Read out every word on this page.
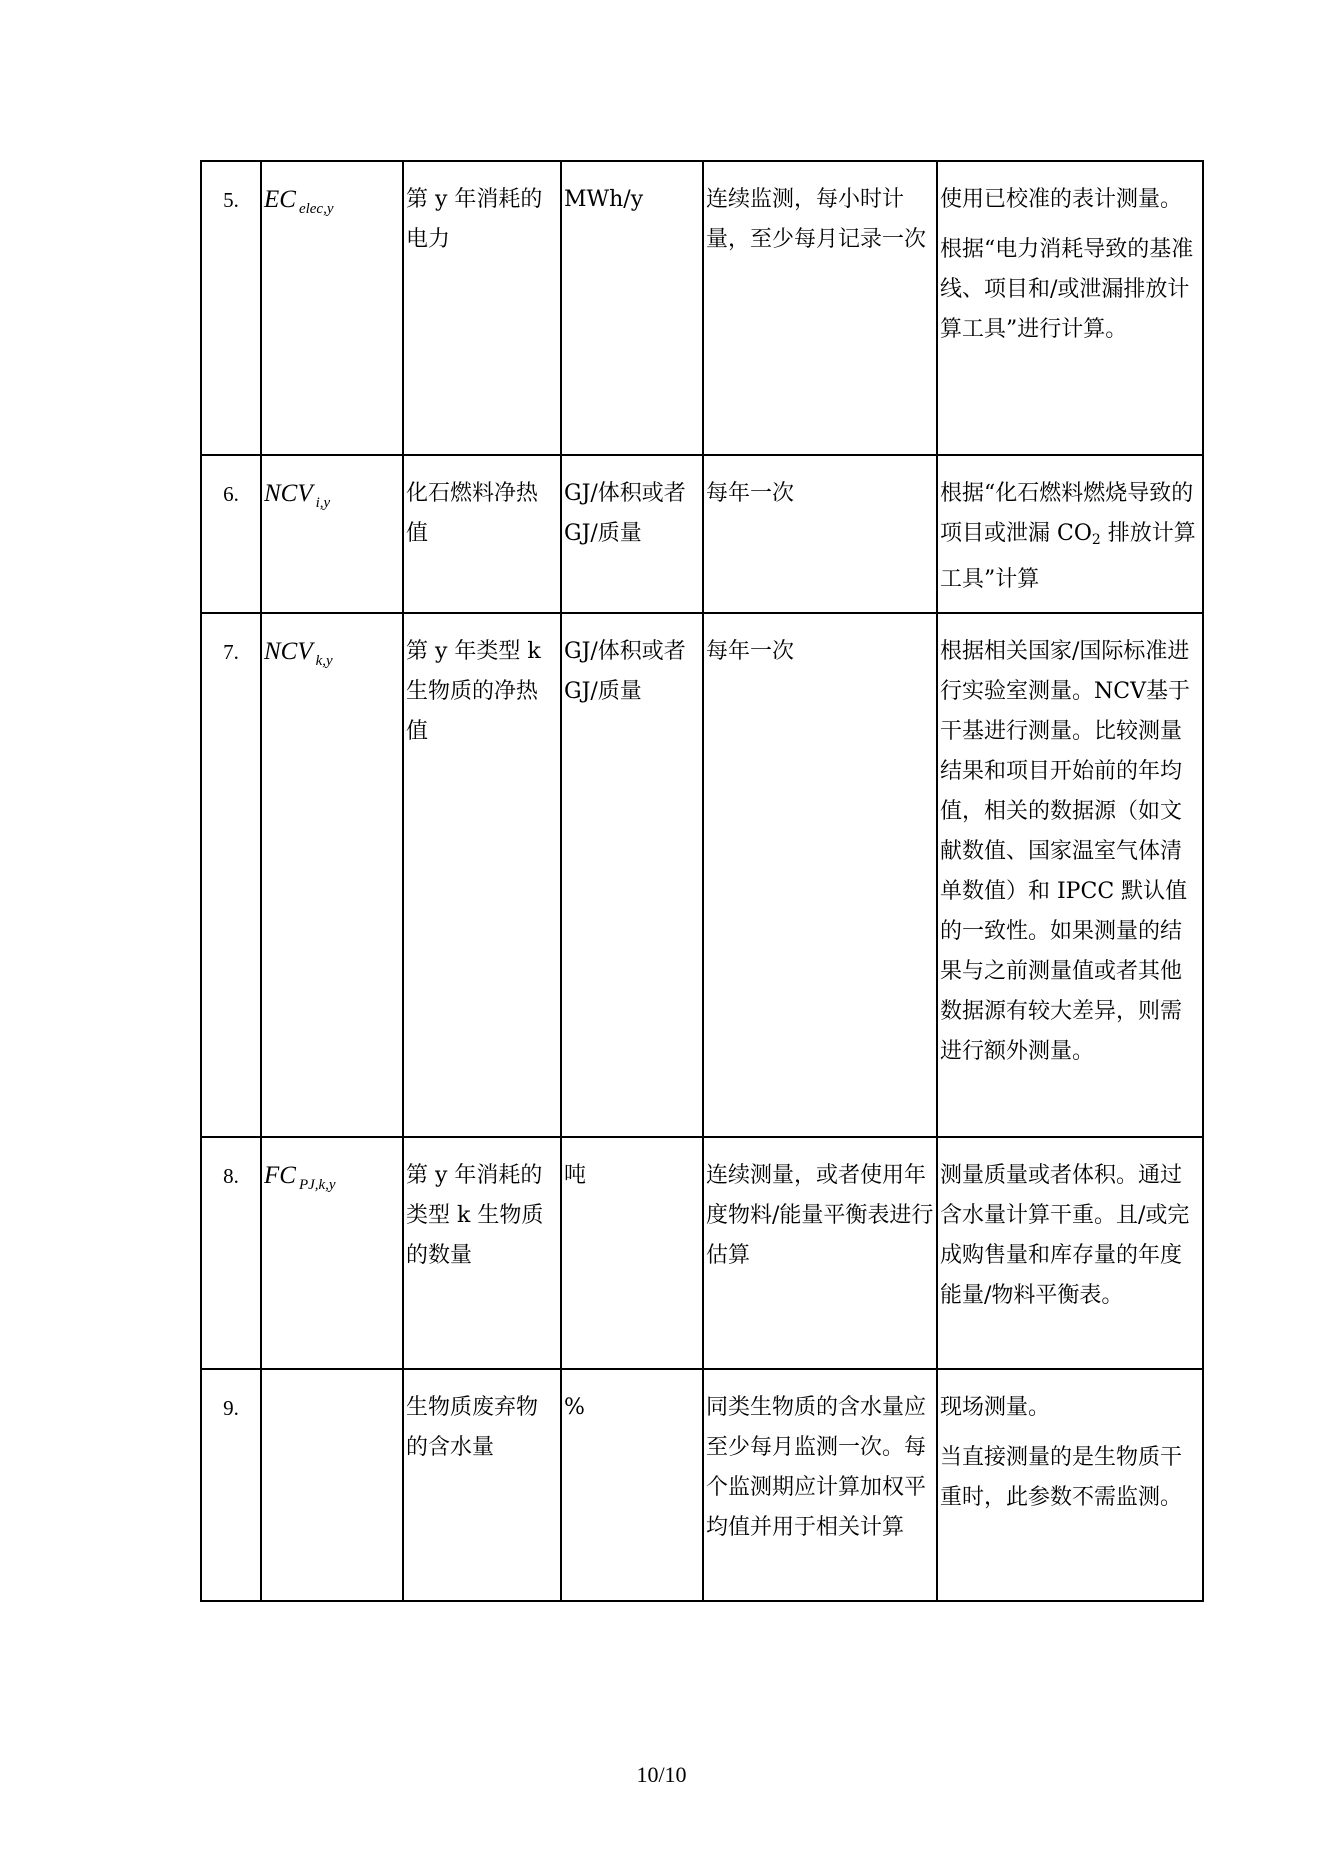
5.	EC $_{elec,y}$	第 y 年消耗的电力	MWh/y	连续监测，每小时计量，至少每月记录一次	使用已校准的表计测量。
根据“电力消耗导致的基准线、项目和/或泄漏排放计算工具”进行计算。

6.	NCV $_{i,y}$	化石燃料净热值	GJ/体积或者GJ/质量	每年一次	根据“化石燃料燃烧导致的项目或泄漏 $CO_2$ 排放计算工具”计算

7.	NCV $_{k,y}$	第 y 年类型 k 生物质的净热值	GJ/体积或者GJ/质量	每年一次	根据相关国家/国际标准进行实验室测量。NCV基于干基进行测量。比较测量结果和项目开始前的年均值，相关的数据源（如文献数值、国家温室气体清单数值）和 IPCC 默认值的一致性。如果测量的结果与之前测量值或者其他数据源有较大差异，则需进行额外测量。

8.	FC $_{PJ,k,y}$	第 y 年消耗的类型 k 生物质的数量	吨	连续测量，或者使用年度物料/能量平衡表进行估算	测量质量或者体积。通过含水量计算干重。且/或完成购售量和库存量的年度能量/物料平衡表。

9.		生物质废弃物的含水量	%	同类生物质的含水量应至少每月监测一次。每个监测期应计算加权平均值并用于相关计算	现场测量。
当直接测量的是生物质干重时，此参数不需监测。
10/10
